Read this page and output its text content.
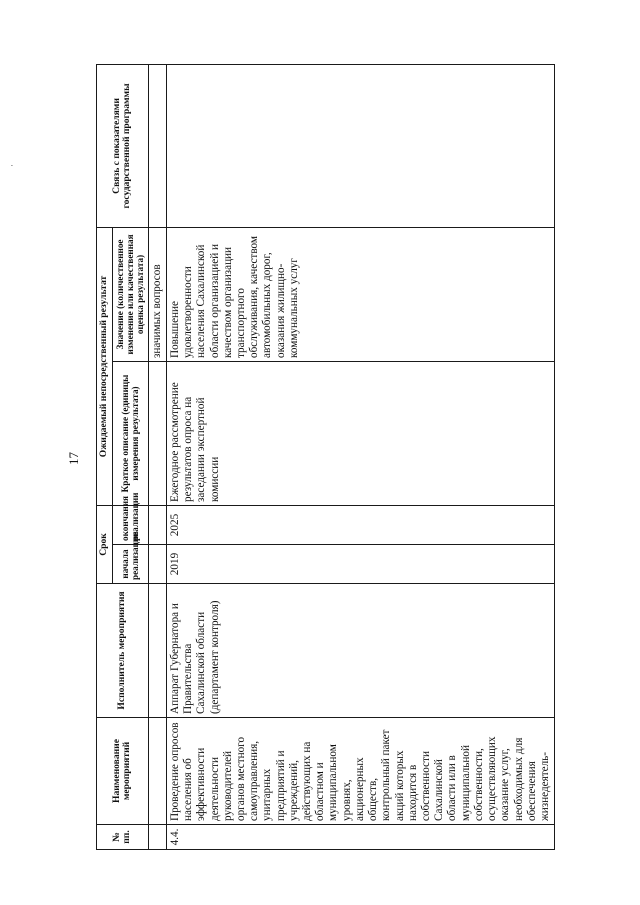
·
17
№ пп.	Наименование мероприятий	Исполнитель мероприятия	Срок		Ожидаемый непосредственный результат		Связь с показателями государственной программы
			начала реализации	окончания реализации	Краткое описание (единицы измерения результата)	Значение (количественное изменение или качественная оценка результата)	
						значимых вопросов	
4.4.	Проведение опросов населения об эффективности деятельности руководителей органов местного самоуправления, унитарных предприятий и учреждений, действующих на областном и муниципальном уровнях, акционерных обществ, контрольный пакет акций которых находится в собственности Сахалинской области или в муниципальной собственности, осуществляющих оказание услуг, необходимых для обеспечения жизнедеятель-	Аппарат Губернатора и Правительства Сахалинской области (департамент контроля)	2019	2025	Ежегодное рассмотрение результатов опроса на заседании экспертной комиссии	Повышение удовлетворенности населения Сахалинской области организацией и качеством организации транспортного обслуживания, качеством автомобильных дорог, оказания жилищно-коммунальных услуг	
